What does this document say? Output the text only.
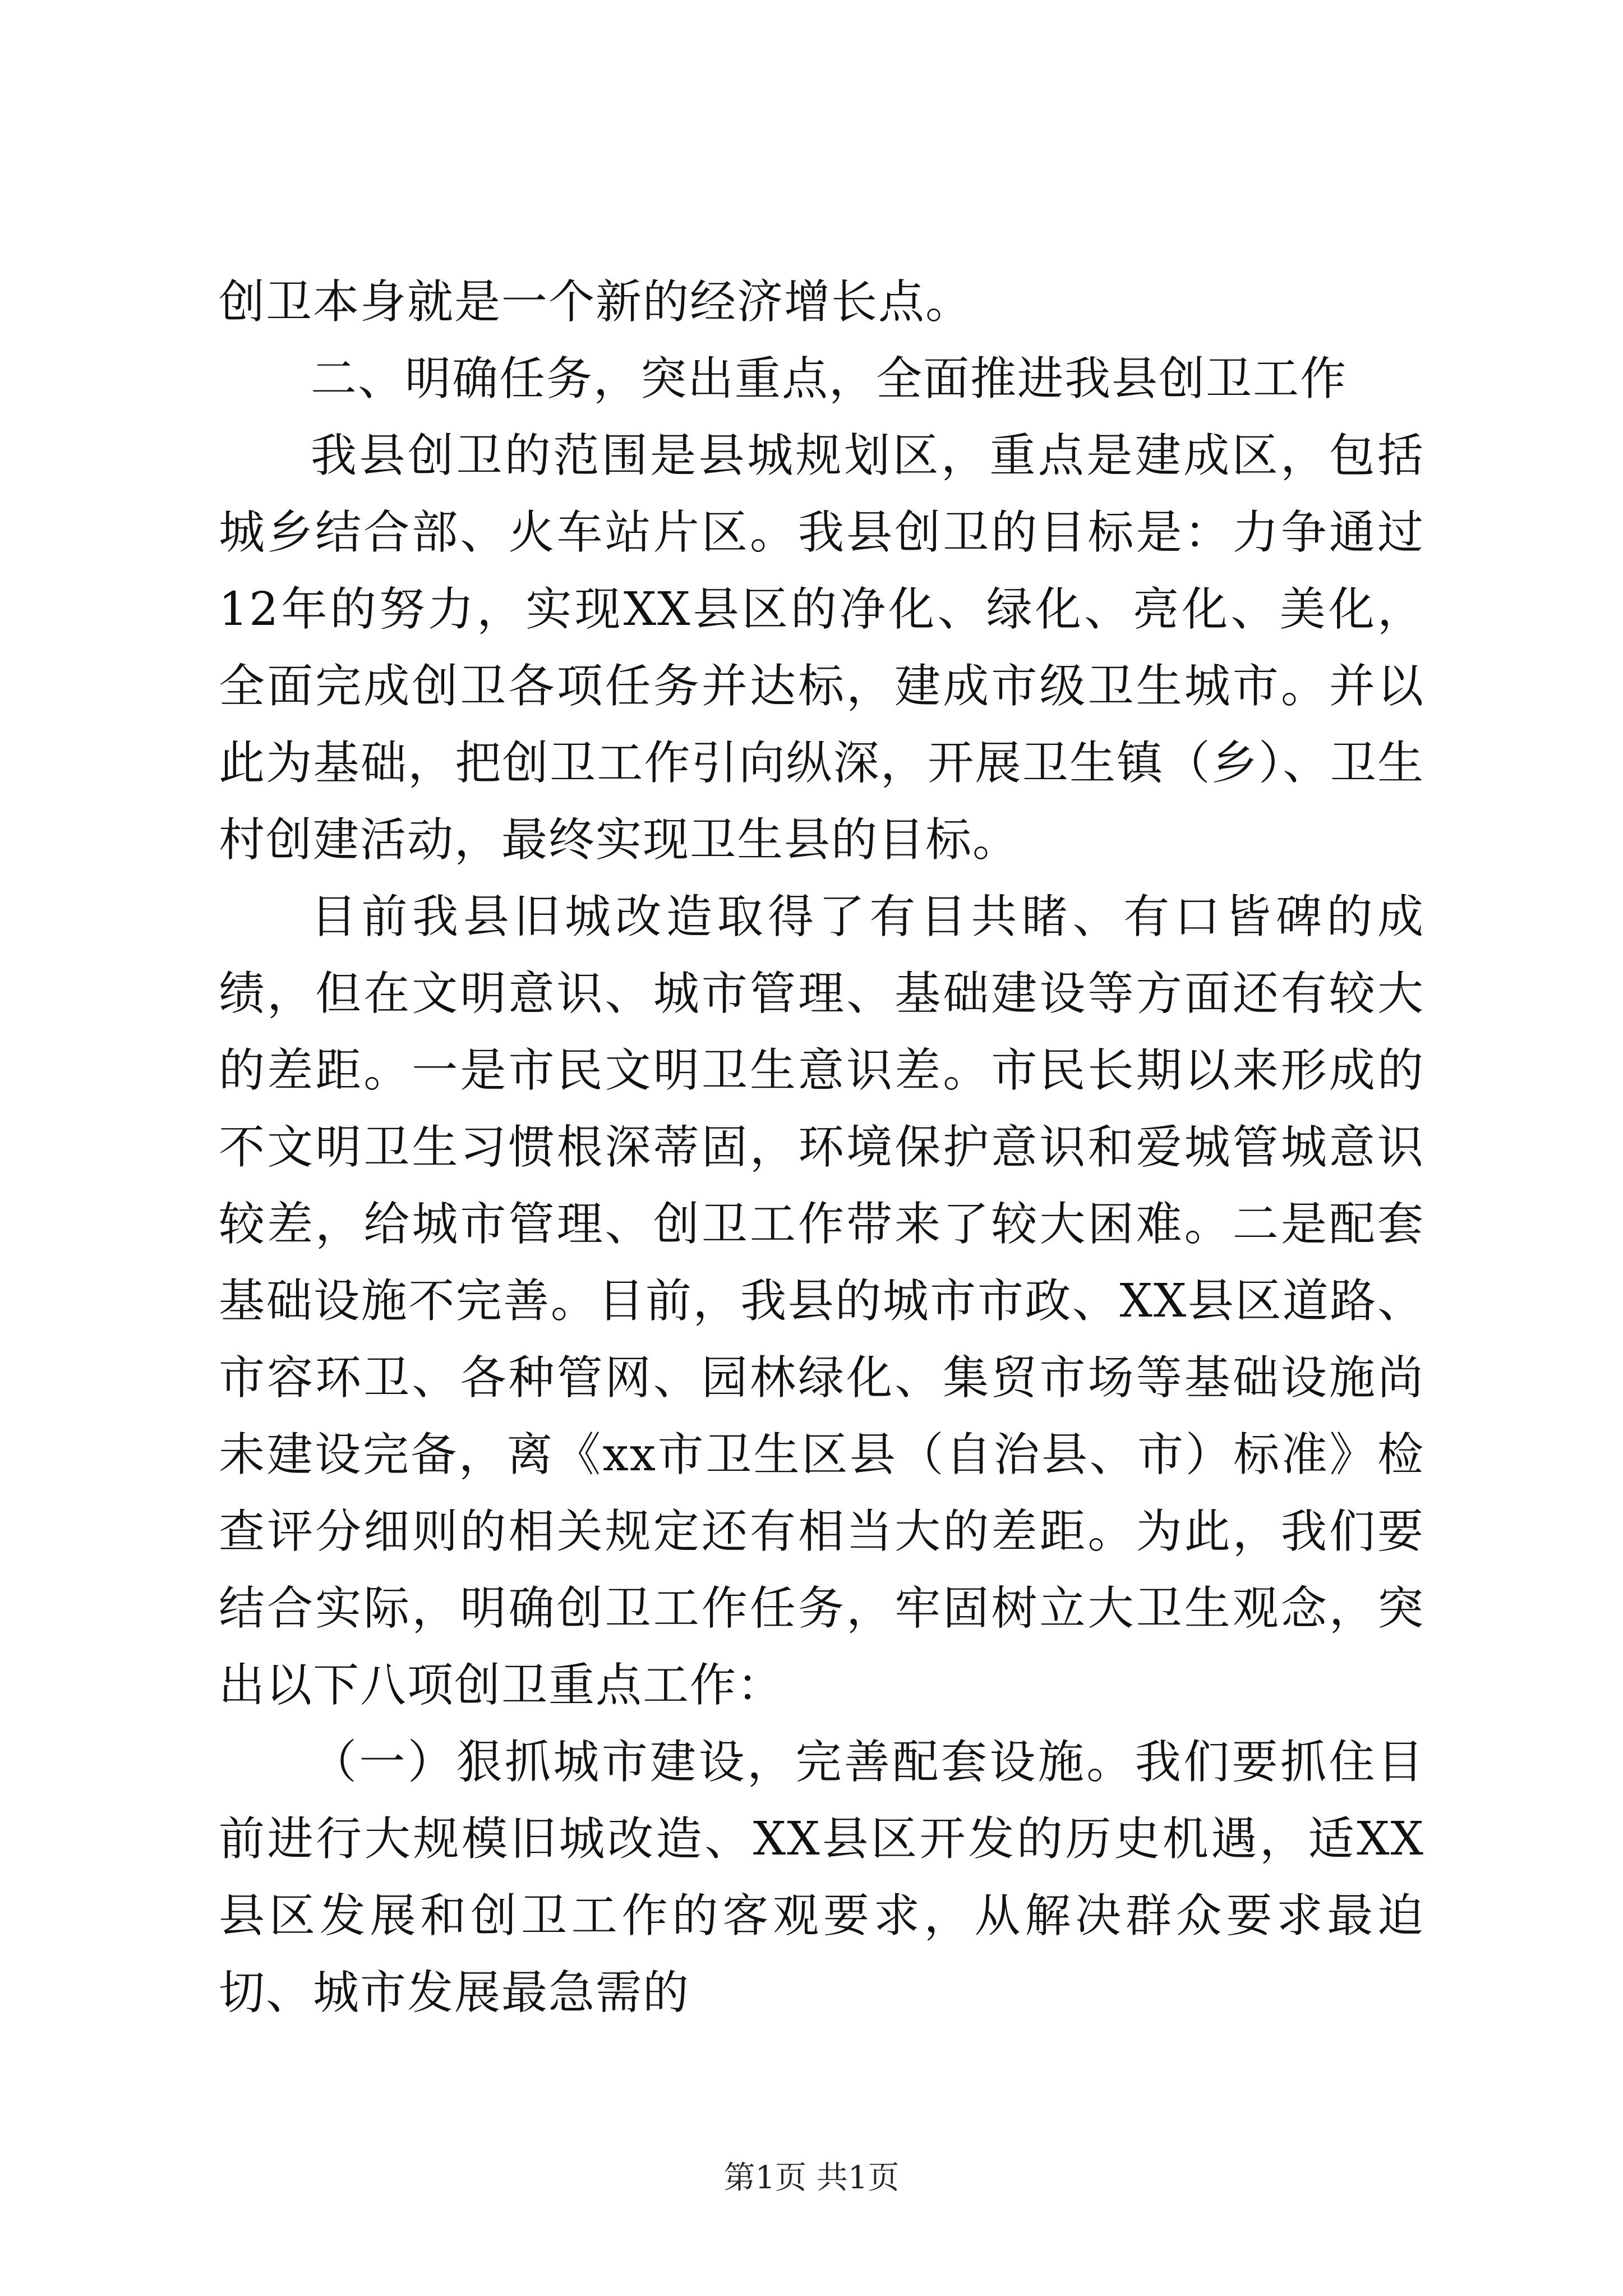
创卫本身就是一个新的经济增长点。

二、明确任务，突出重点，全面推进我县创卫工作

我县创卫的范围是县城规划区，重点是建成区，包括城乡结合部、火车站片区。我县创卫的目标是：力争通过12年的努力，实现XX县区的净化、绿化、亮化、美化，全面完成创卫各项任务并达标，建成市级卫生城市。并以此为基础，把创卫工作引向纵深，开展卫生镇（乡）、卫生村创建活动，最终实现卫生县的目标。

目前我县旧城改造取得了有目共睹、有口皆碑的成绩，但在文明意识、城市管理、基础建设等方面还有较大的差距。一是市民文明卫生意识差。市民长期以来形成的不文明卫生习惯根深蒂固，环境保护意识和爱城管城意识较差，给城市管理、创卫工作带来了较大困难。二是配套基础设施不完善。目前，我县的城市市政、XX县区道路、市容环卫、各种管网、园林绿化、集贸市场等基础设施尚未建设完备，离《xx市卫生区县（自治县、市）标准》检查评分细则的相关规定还有相当大的差距。为此，我们要结合实际，明确创卫工作任务，牢固树立大卫生观念，突出以下八项创卫重点工作：

（一）狠抓城市建设，完善配套设施。我们要抓住目前进行大规模旧城改造、XX县区开发的历史机遇，适XX县区发展和创卫工作的客观要求，从解决群众要求最迫切、城市发展最急需的

第1页 共1页
